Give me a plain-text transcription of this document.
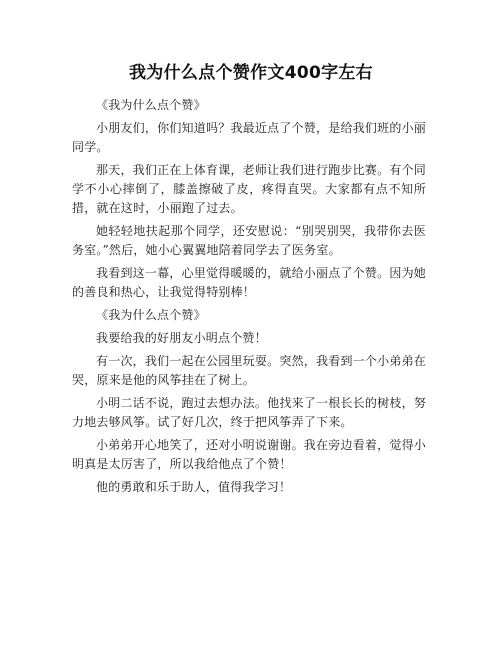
我为什么点个赞作文400字左右

《我为什么点个赞》

小朋友们，你们知道吗？我最近点了个赞，是给我们班的小丽同学。

那天，我们正在上体育课，老师让我们进行跑步比赛。有个同学不小心摔倒了，膝盖擦破了皮，疼得直哭。大家都有点不知所措，就在这时，小丽跑了过去。

她轻轻地扶起那个同学，还安慰说：“别哭别哭，我带你去医务室。”然后，她小心翼翼地陪着同学去了医务室。

我看到这一幕，心里觉得暖暖的，就给小丽点了个赞。因为她的善良和热心，让我觉得特别棒！

《我为什么点个赞》

我要给我的好朋友小明点个赞！

有一次，我们一起在公园里玩耍。突然，我看到一个小弟弟在哭，原来是他的风筝挂在了树上。

小明二话不说，跑过去想办法。他找来了一根长长的树枝，努力地去够风筝。试了好几次，终于把风筝弄了下来。

小弟弟开心地笑了，还对小明说谢谢。我在旁边看着，觉得小明真是太厉害了，所以我给他点了个赞！

他的勇敢和乐于助人，值得我学习！
